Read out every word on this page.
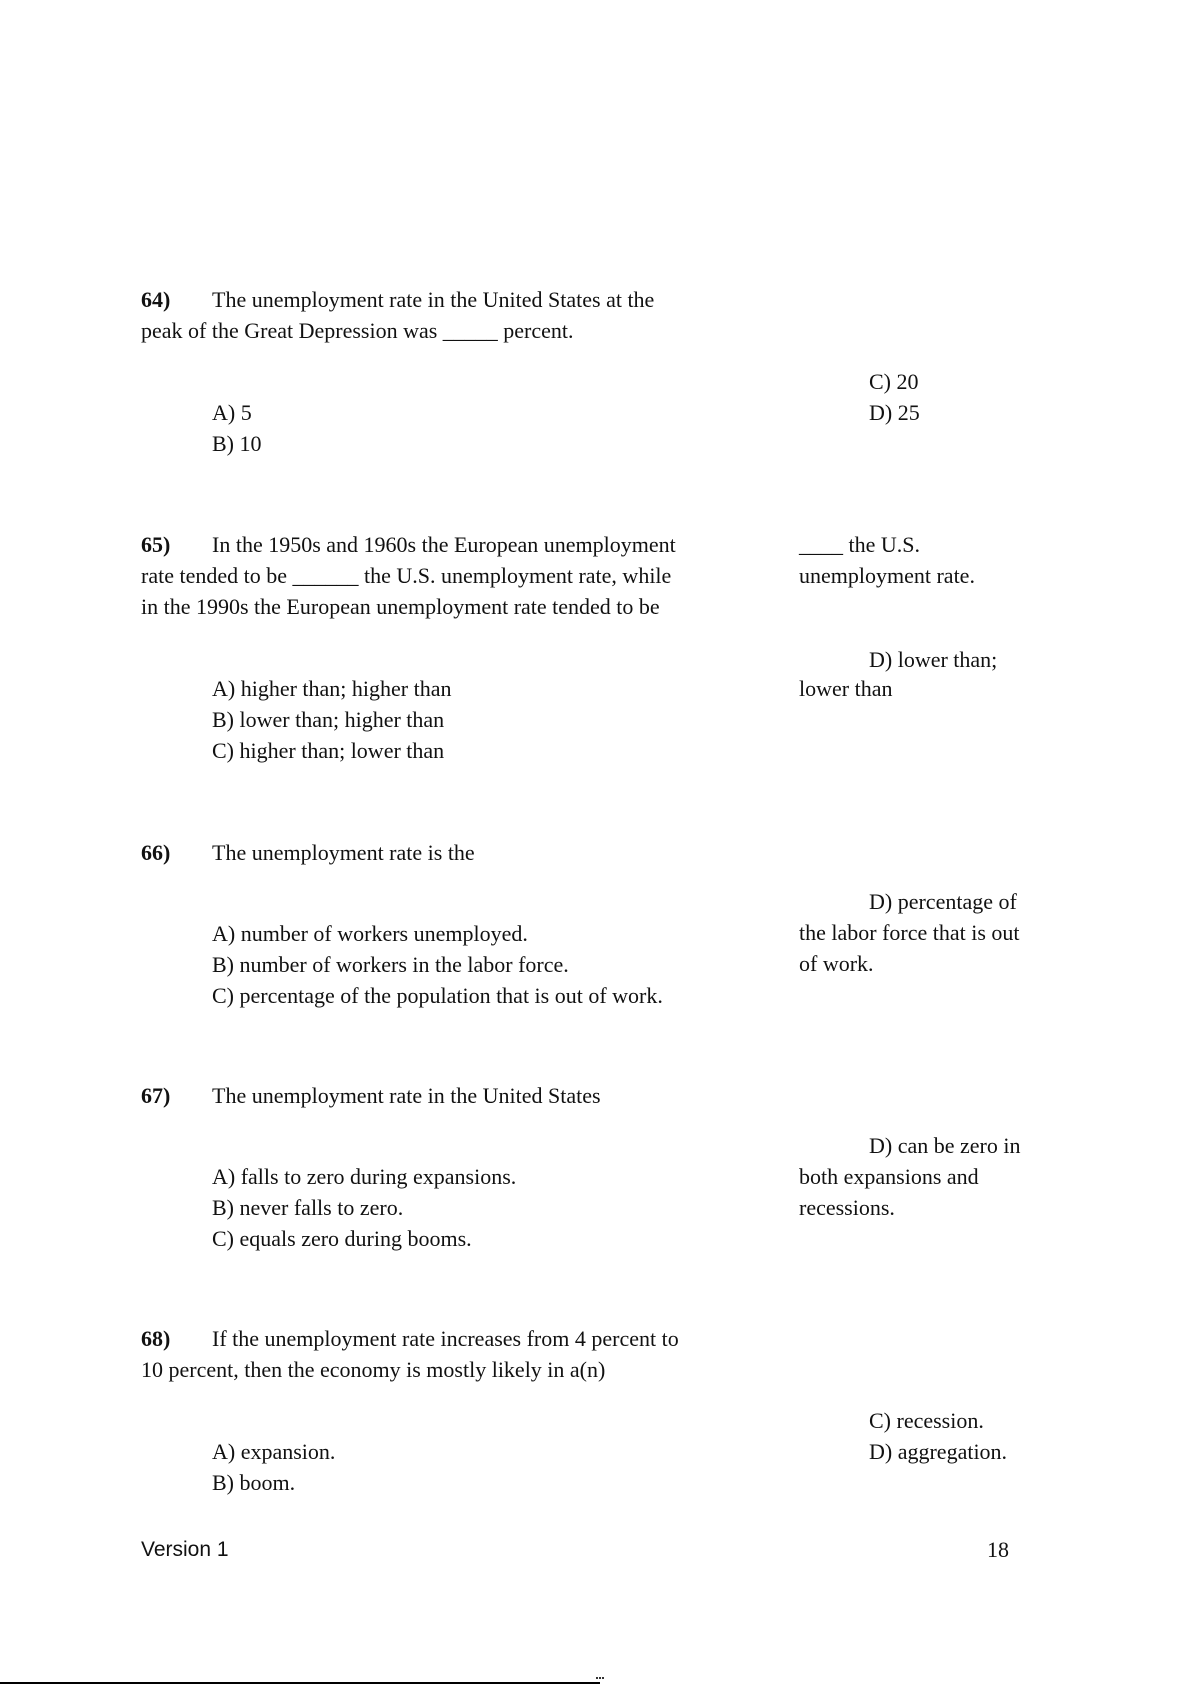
64) The unemployment rate in the United States at the
peak of the Great Depression was _____ percent.
A) 5
B) 10
C) 20
D) 25
65) In the 1950s and 1960s the European unemployment
rate tended to be ______ the U.S. unemployment rate, while
in the 1990s the European unemployment rate tended to be
____ the U.S.
unemployment rate.
A) higher than; higher than
B) lower than; higher than
C) higher than; lower than
D) lower than;
lower than
66) The unemployment rate is the
A) number of workers unemployed.
B) number of workers in the labor force.
C) percentage of the population that is out of work.
D) percentage of
the labor force that is out
of work.
67) The unemployment rate in the United States
A) falls to zero during expansions.
B) never falls to zero.
C) equals zero during booms.
D) can be zero in
both expansions and
recessions.
68) If the unemployment rate increases from 4 percent to
10 percent, then the economy is mostly likely in a(n)
A) expansion.
B) boom.
C) recession.
D) aggregation.
Version 1	18
